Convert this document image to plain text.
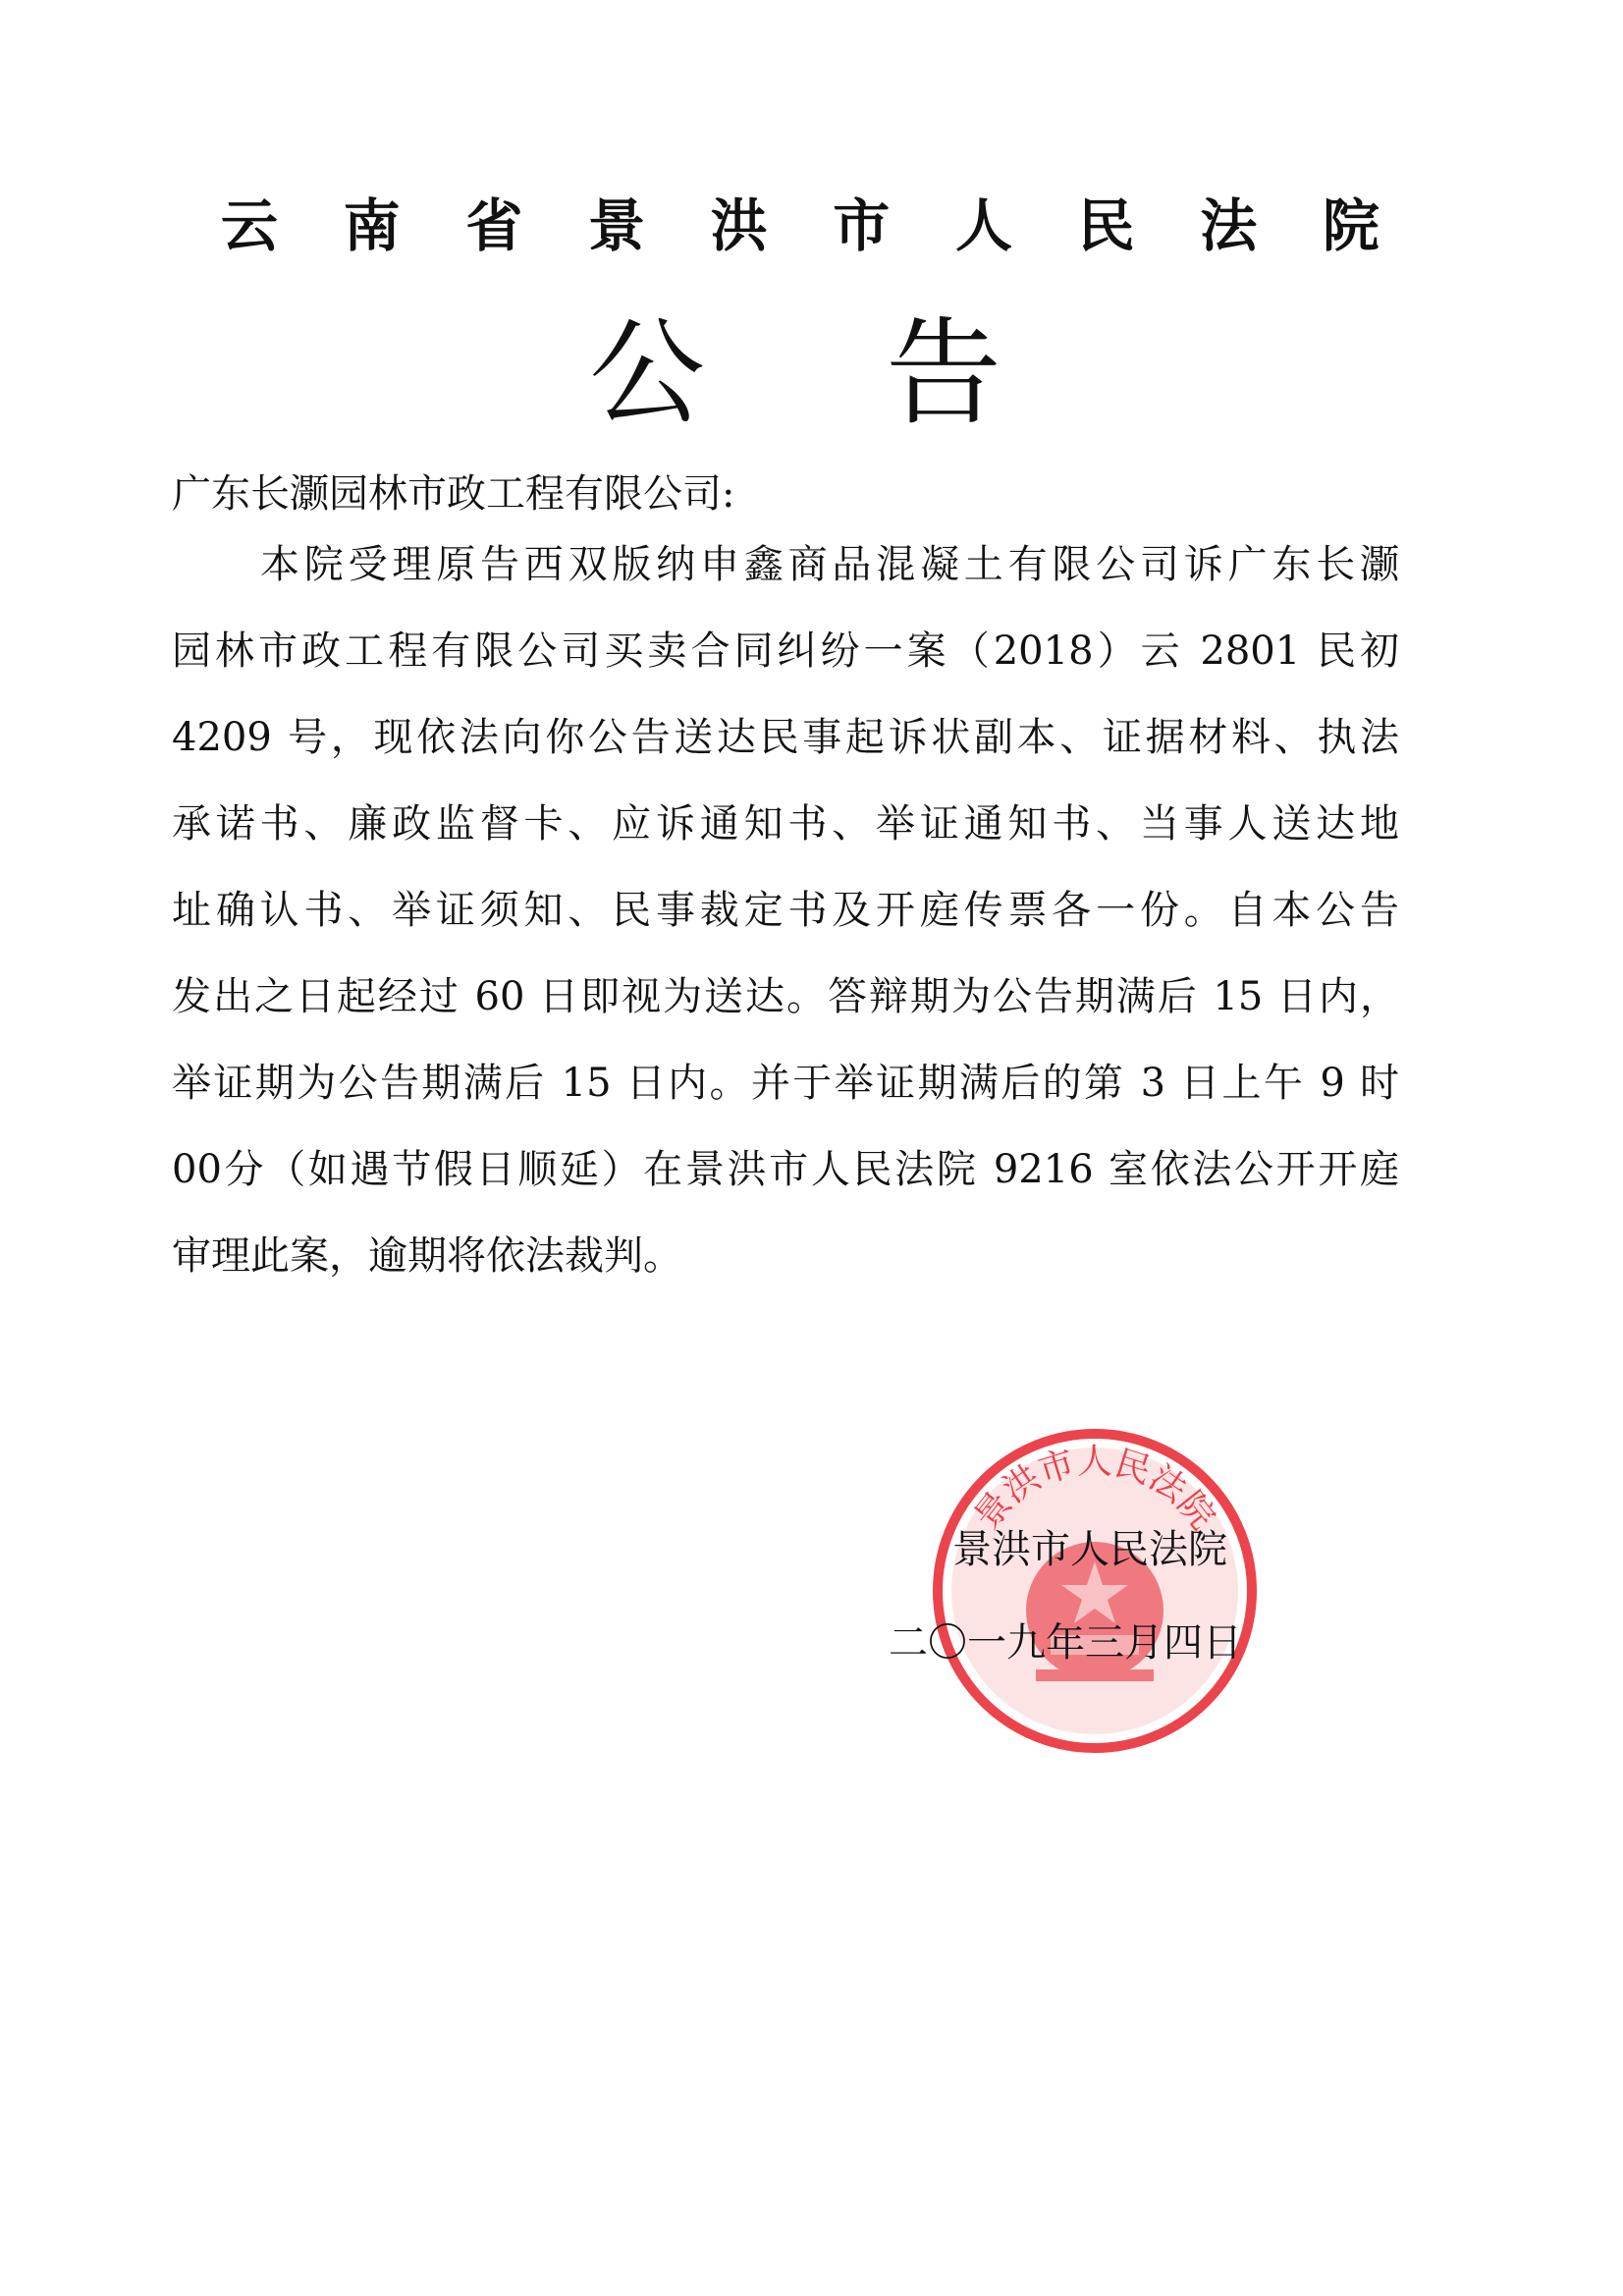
云 南 省 景 洪 市 人 民 法 院
公 告
广东长灏园林市政工程有限公司:
本院受理原告西双版纳申鑫商品混凝土有限公司诉广东长灏
园林市政工程有限公司买卖合同纠纷一案（2018）云 2801 民初
4209 号，现依法向你公告送达民事起诉状副本、证据材料、执法
承诺书、廉政监督卡、应诉通知书、举证通知书、当事人送达地
址确认书、举证须知、民事裁定书及开庭传票各一份。自本公告
发出之日起经过 60 日即视为送达。答辩期为公告期满后 15 日内，
举证期为公告期满后 15 日内。并于举证期满后的第 3 日上午 9 时
00分（如遇节假日顺延）在景洪市人民法院 9216 室依法公开开庭
审理此案，逾期将依法裁判。
景洪市人民法院
景洪市人民法院
二〇一九年三月四日
